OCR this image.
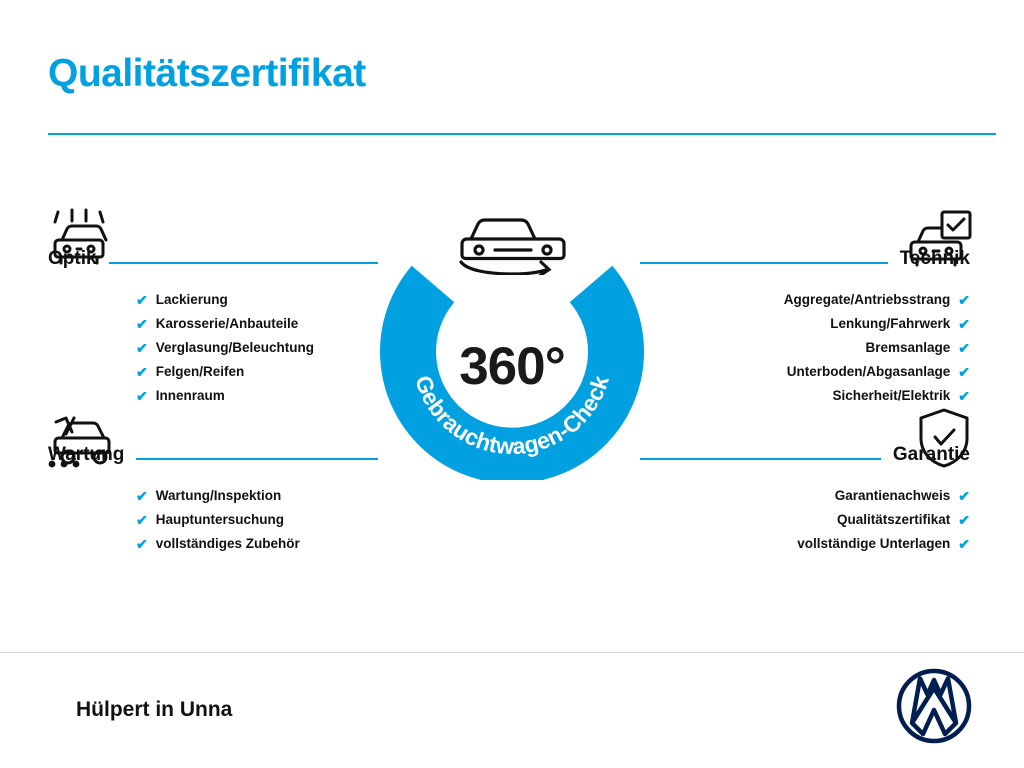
Qualitätszertifikat
Gebrauchtwagen-Check
360°
Optik
✔ Lackierung
✔ Karosserie/Anbauteile
✔ Verglasung/Beleuchtung
✔ Felgen/Reifen
✔ Innenraum
Technik
Aggregate/Antriebsstrang ✔
Lenkung/Fahrwerk ✔
Bremsanlage ✔
Unterboden/Abgasanlage ✔
Sicherheit/Elektrik ✔
Wartung
✔ Wartung/Inspektion
✔ Hauptuntersuchung
✔ vollständiges Zubehör
Garantie
Garantienachweis ✔
Qualitätszertifikat ✔
vollständige Unterlagen ✔
Hülpert in Unna
